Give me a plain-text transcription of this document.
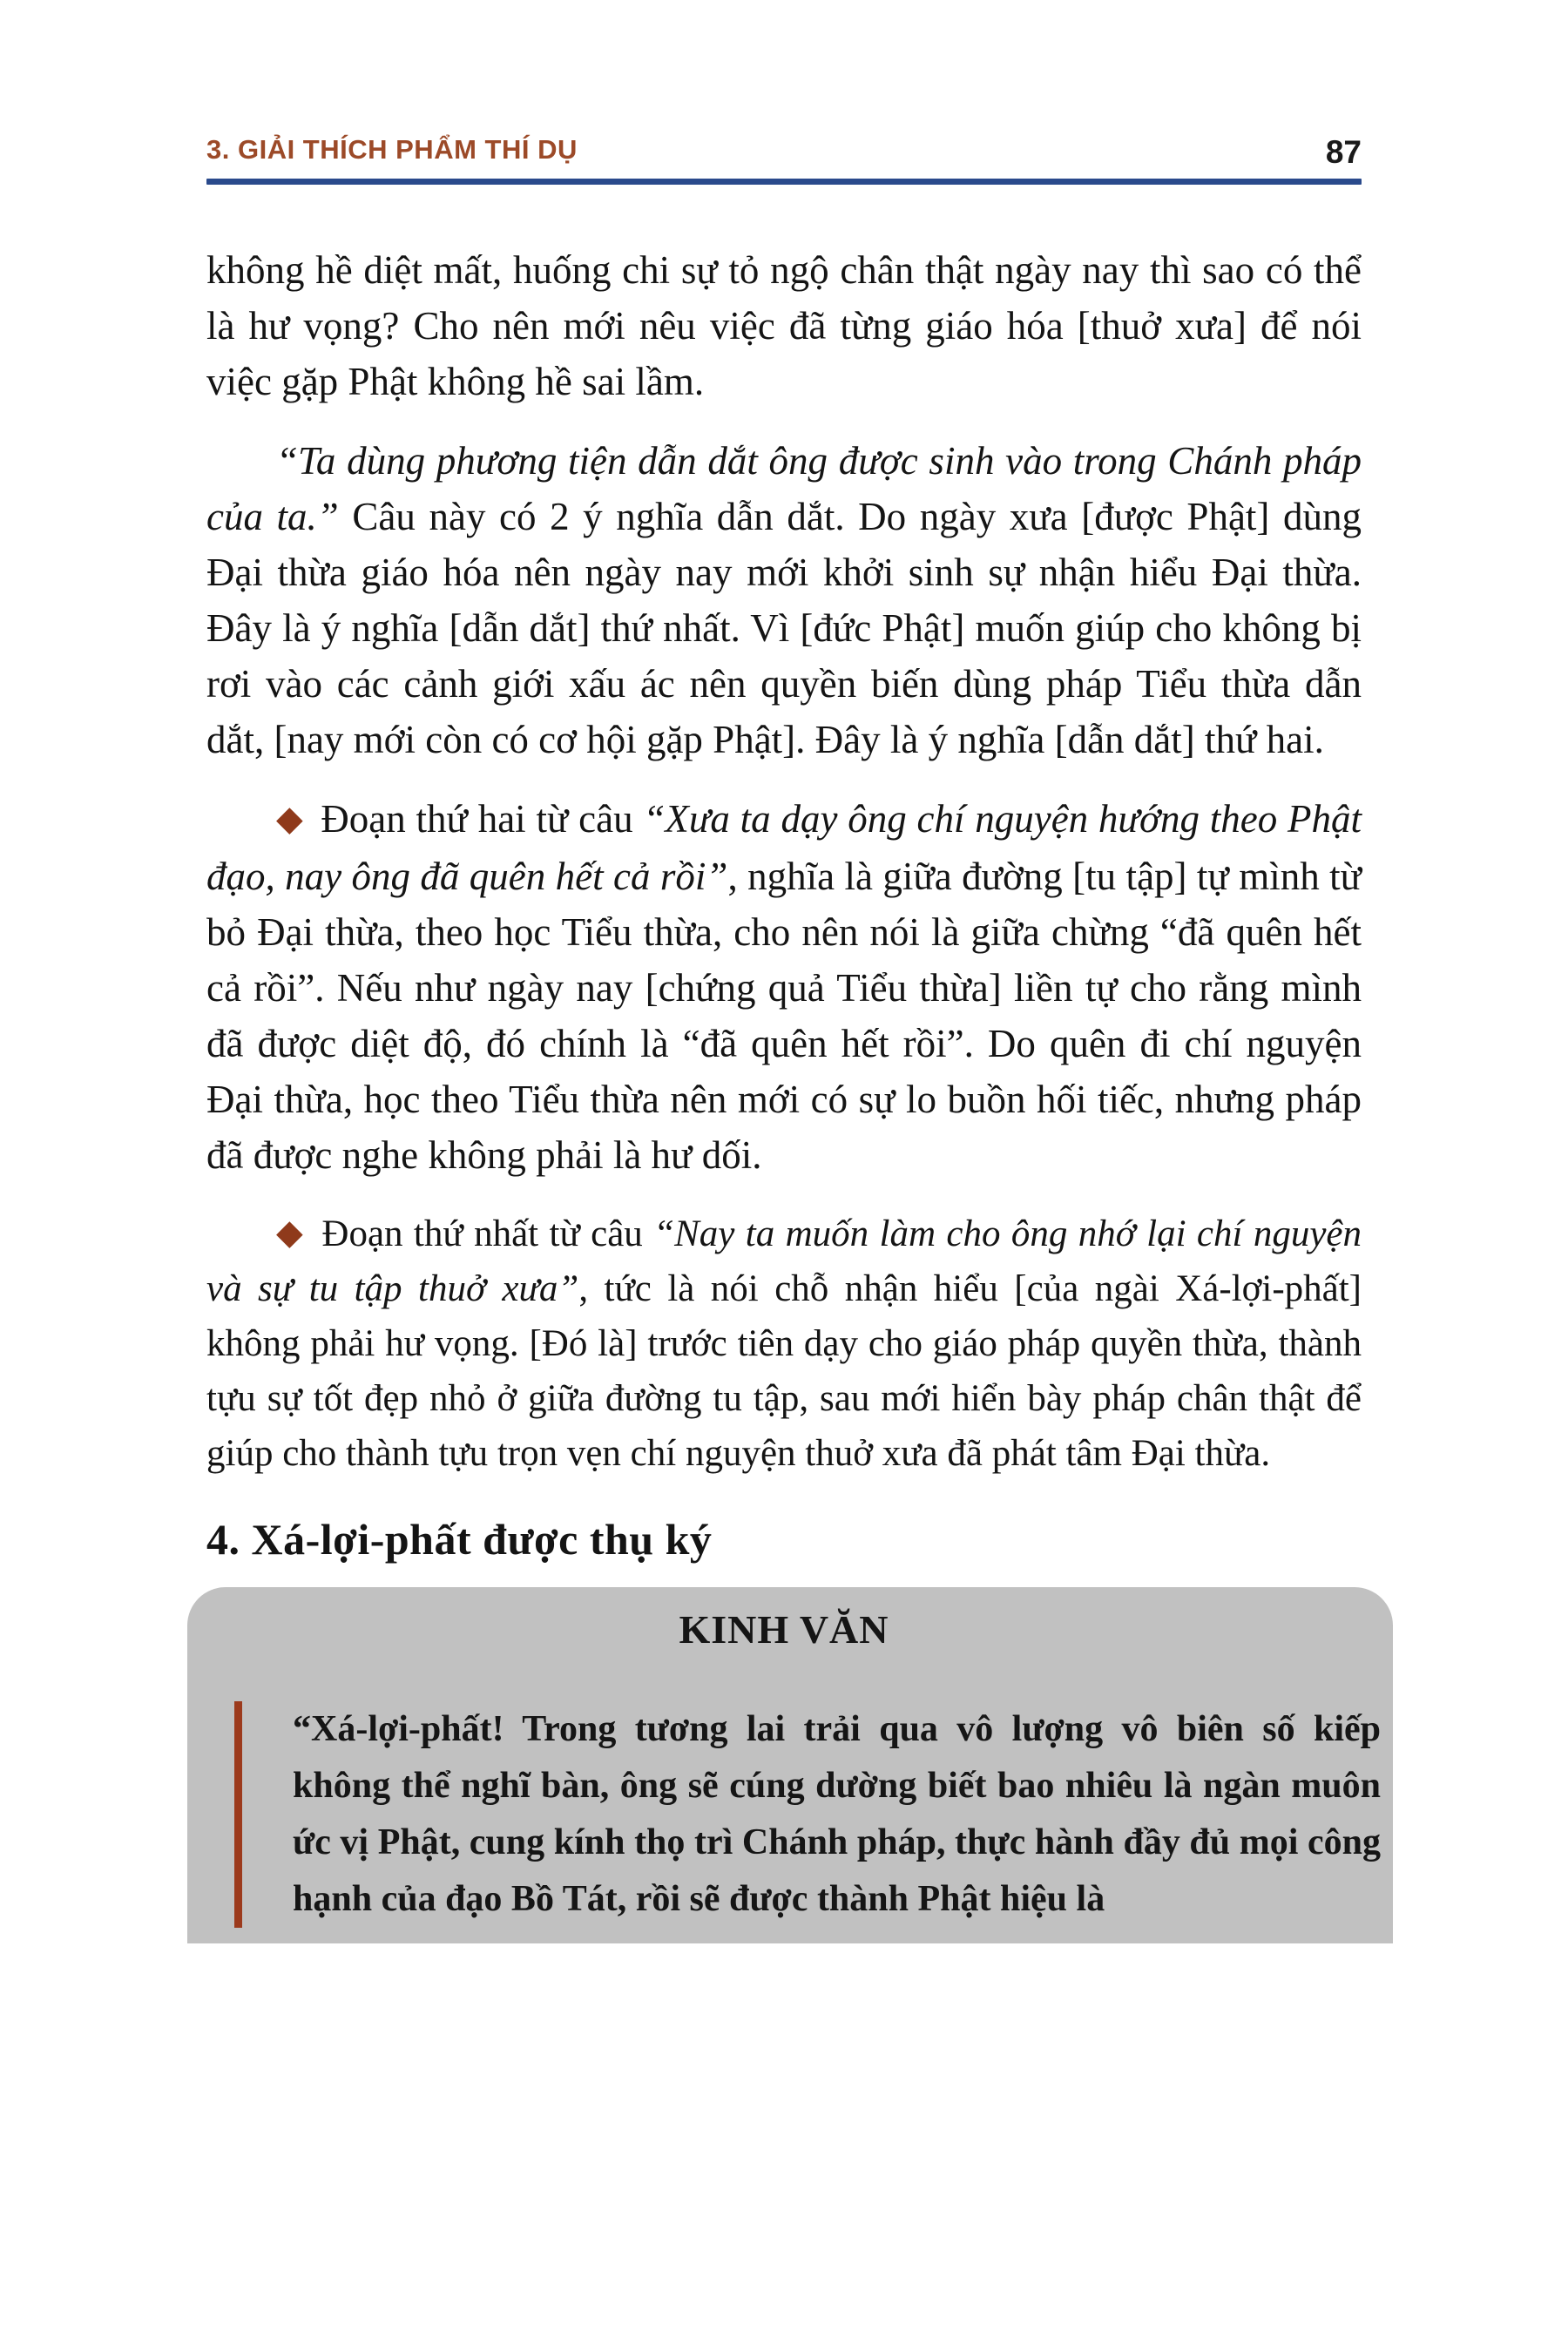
3. GIẢI THÍCH PHẨM THÍ DỤ	87

không hề diệt mất, huống chi sự tỏ ngộ chân thật ngày nay thì sao có thể là hư vọng? Cho nên mới nêu việc đã từng giáo hóa [thuở xưa] để nói việc gặp Phật không hề sai lầm.

“Ta dùng phương tiện dẫn dắt ông được sinh vào trong Chánh pháp của ta.” Câu này có 2 ý nghĩa dẫn dắt. Do ngày xưa [được Phật] dùng Đại thừa giáo hóa nên ngày nay mới khởi sinh sự nhận hiểu Đại thừa. Đây là ý nghĩa [dẫn dắt] thứ nhất. Vì [đức Phật] muốn giúp cho không bị rơi vào các cảnh giới xấu ác nên quyền biến dùng pháp Tiểu thừa dẫn dắt, [nay mới còn có cơ hội gặp Phật]. Đây là ý nghĩa [dẫn dắt] thứ hai.

◆ Đoạn thứ hai từ câu “Xưa ta dạy ông chí nguyện hướng theo Phật đạo, nay ông đã quên hết cả rồi”, nghĩa là giữa đường [tu tập] tự mình từ bỏ Đại thừa, theo học Tiểu thừa, cho nên nói là giữa chừng “đã quên hết cả rồi”. Nếu như ngày nay [chứng quả Tiểu thừa] liền tự cho rằng mình đã được diệt độ, đó chính là “đã quên hết rồi”. Do quên đi chí nguyện Đại thừa, học theo Tiểu thừa nên mới có sự lo buồn hối tiếc, nhưng pháp đã được nghe không phải là hư dối.

◆ Đoạn thứ nhất từ câu “Nay ta muốn làm cho ông nhớ lại chí nguyện và sự tu tập thuở xưa”, tức là nói chỗ nhận hiểu [của ngài Xá-lợi-phất] không phải hư vọng. [Đó là] trước tiên dạy cho giáo pháp quyền thừa, thành tựu sự tốt đẹp nhỏ ở giữa đường tu tập, sau mới hiển bày pháp chân thật để giúp cho thành tựu trọn vẹn chí nguyện thuở xưa đã phát tâm Đại thừa.

4. Xá-lợi-phất được thụ ký
KINH VĂN
“Xá-lợi-phất! Trong tương lai trải qua vô lượng vô biên số kiếp không thể nghĩ bàn, ông sẽ cúng dường biết bao nhiêu là ngàn muôn ức vị Phật, cung kính thọ trì Chánh pháp, thực hành đầy đủ mọi công hạnh của đạo Bồ Tát, rồi sẽ được thành Phật hiệu là
